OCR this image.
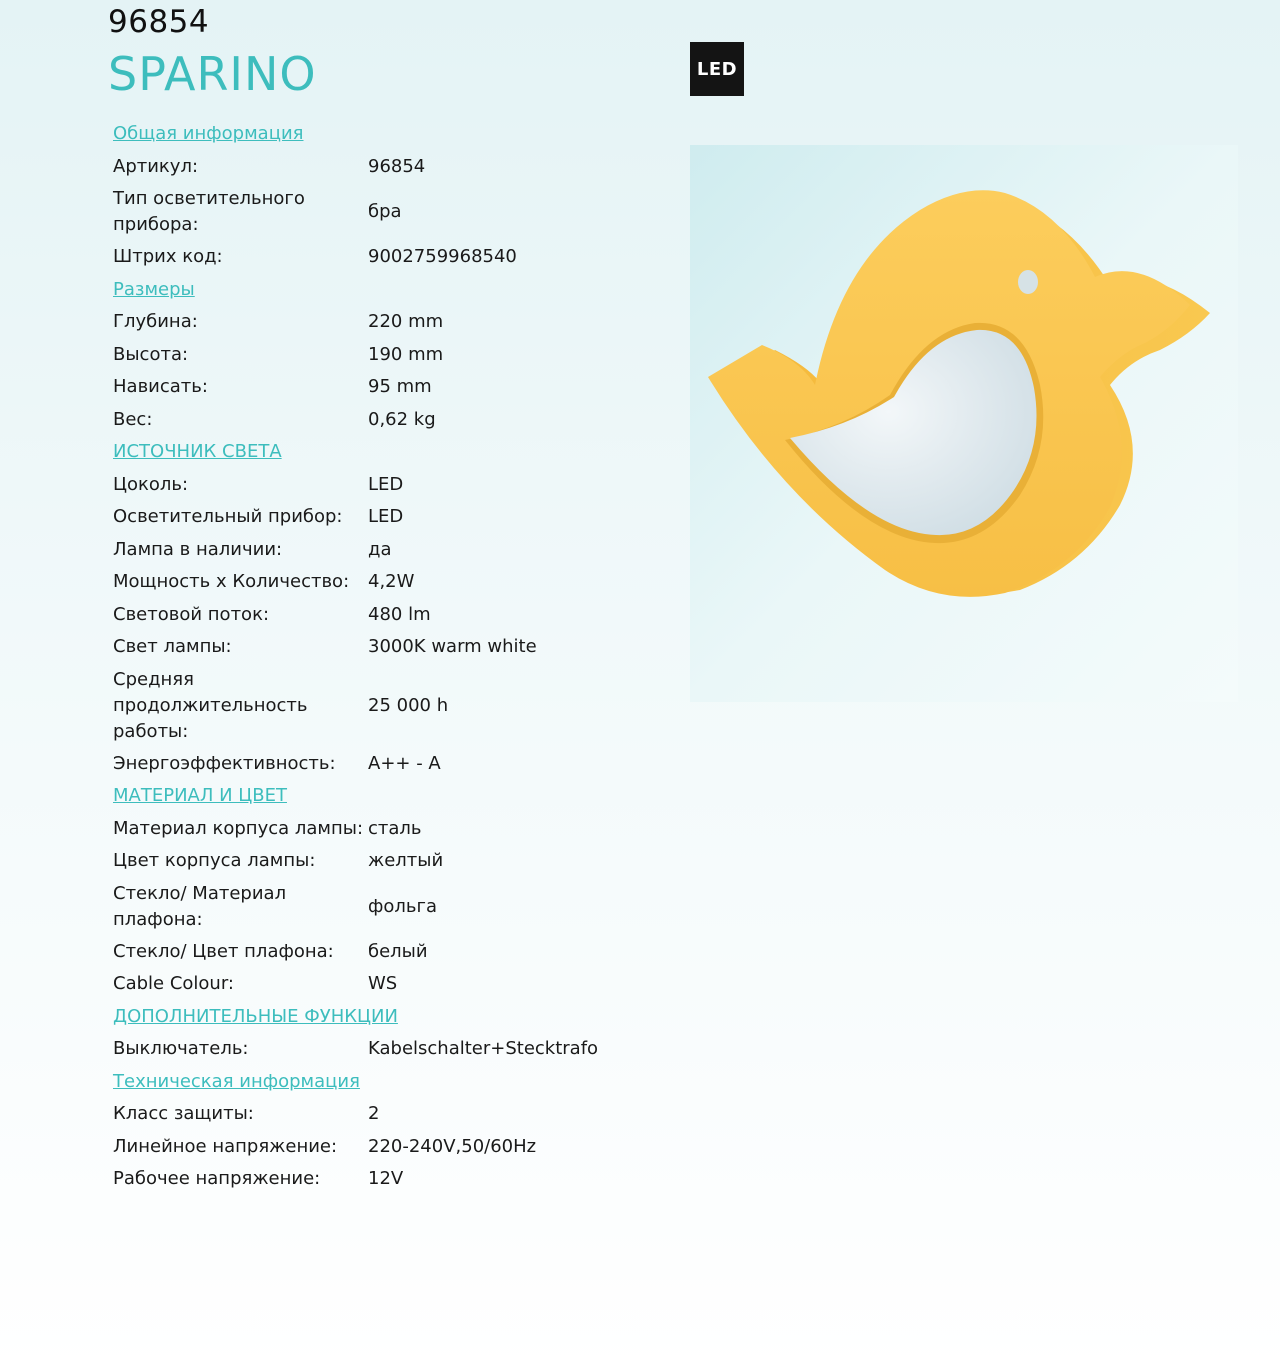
96854
SPARINO	LED
Общая информация
Артикул:	96854
Тип осветительного прибора:
бра
Штрих код:	9002759968540
Размеры
Глубина:	220 mm
Высота:	190 mm
Нависать:	95 mm
Вес:	0,62 kg
ИСТОЧНИК СВЕТА
Цоколь:	LED
Осветительный прибор:	LED
Лампа в наличии:	да
Мощность x Количество:	4,2W
Световой поток:	480 lm
Свет лампы:	3000K warm white
Средняя продолжительность работы:
25 000 h
Энергоэффективность:	A++ - A
МАТЕРИАЛ И ЦВЕТ
Материал корпуса лампы: сталь
Цвет корпуса лампы:	желтый
Стекло/ Материал плафона:
фольга
Стекло/ Цвет плафона:	белый
Cable Colour:	WS
ДОПОЛНИТЕЛЬНЫЕ ФУНКЦИИ
Выключатель:	Kabelschalter+Stecktrafo
Техническая информация
Класс защиты:	2
Линейное напряжение:	220-240V,50/60Hz
Рабочее напряжение:	12V
